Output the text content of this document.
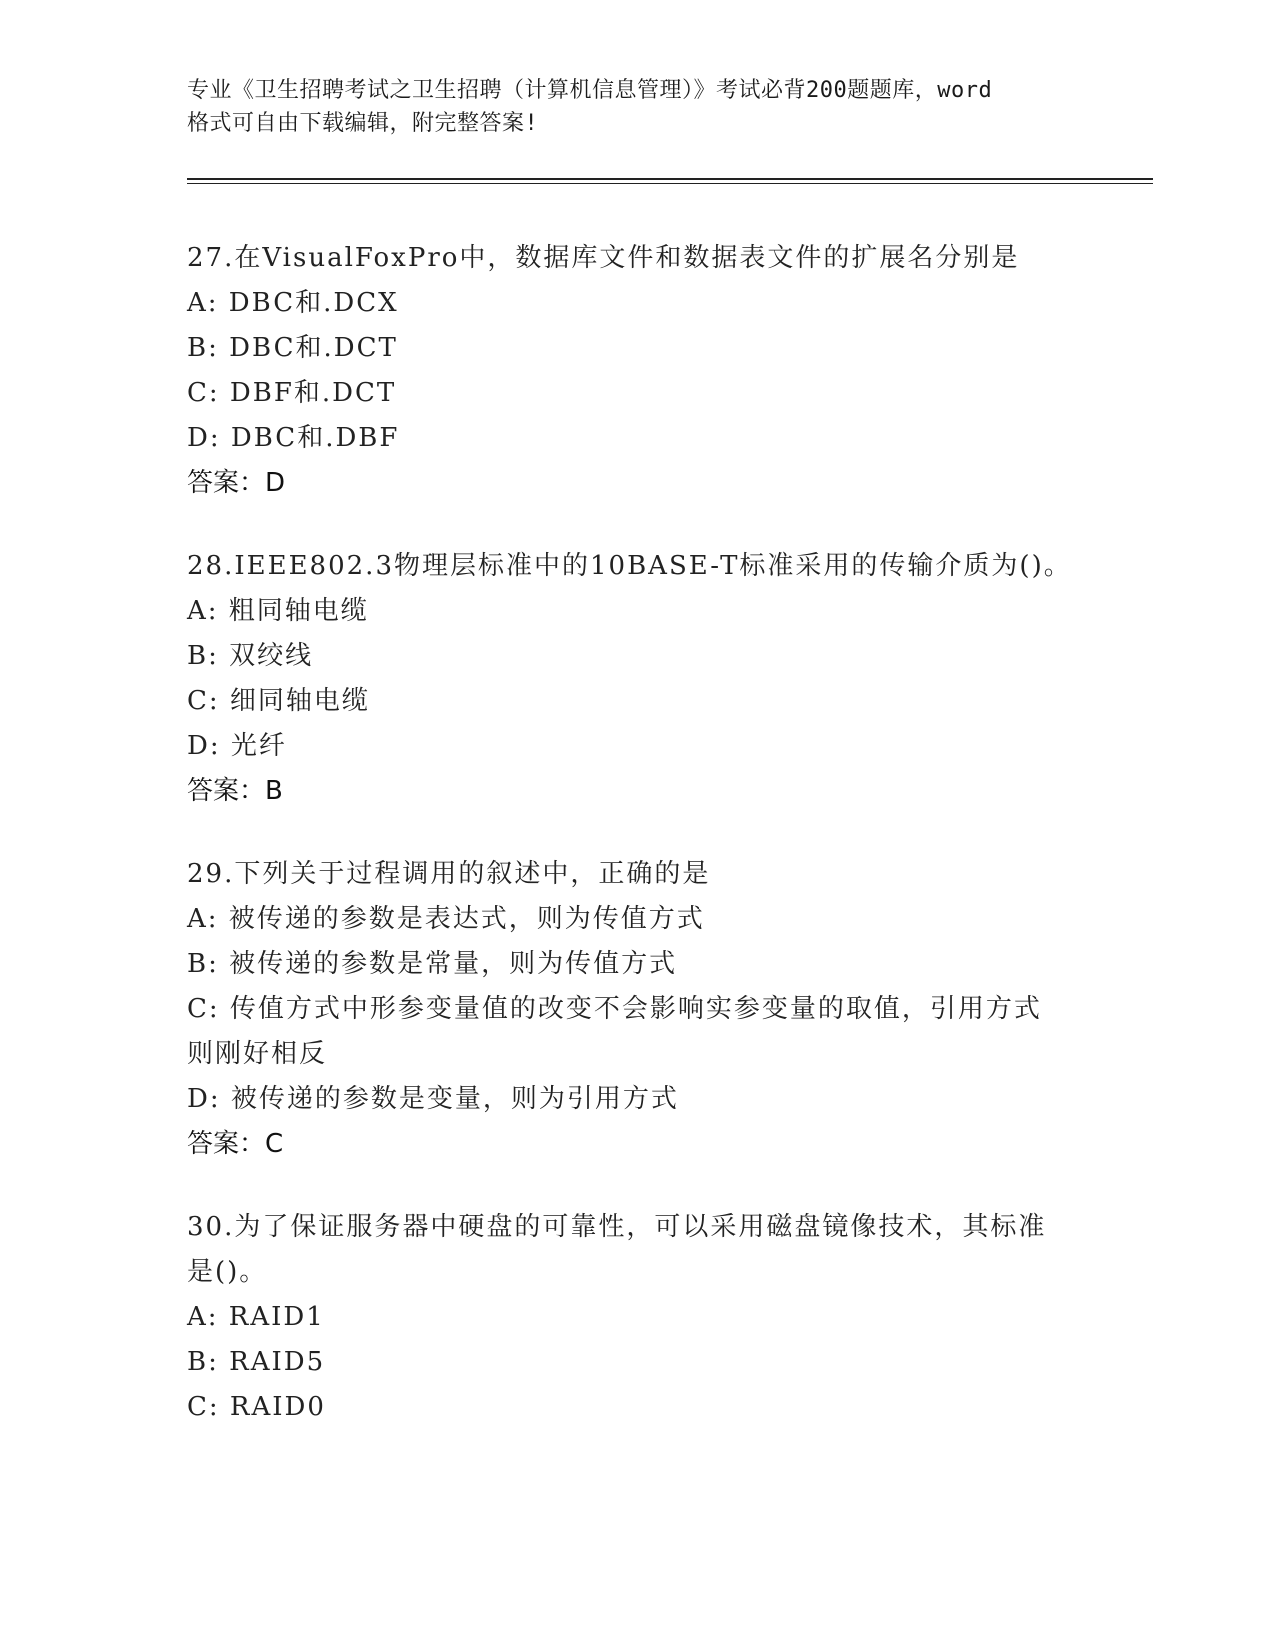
专业《卫生招聘考试之卫生招聘（计算机信息管理）》考试必背200题题库，word
格式可自由下载编辑，附完整答案!
27.在VisualFoxPro中，数据库文件和数据表文件的扩展名分别是
A: DBC和.DCX
B: DBC和.DCT
C: DBF和.DCT
D: DBC和.DBF
答案：D
28.IEEE802.3物理层标准中的10BASE-T标准采用的传输介质为()。
A: 粗同轴电缆
B: 双绞线
C: 细同轴电缆
D: 光纤
答案：B
29.下列关于过程调用的叙述中，正确的是
A: 被传递的参数是表达式，则为传值方式
B: 被传递的参数是常量，则为传值方式
C: 传值方式中形参变量值的改变不会影响实参变量的取值，引用方式
则刚好相反
D: 被传递的参数是变量，则为引用方式
答案：C
30.为了保证服务器中硬盘的可靠性，可以采用磁盘镜像技术，其标准
是()。
A: RAID1
B: RAID5
C: RAID0
